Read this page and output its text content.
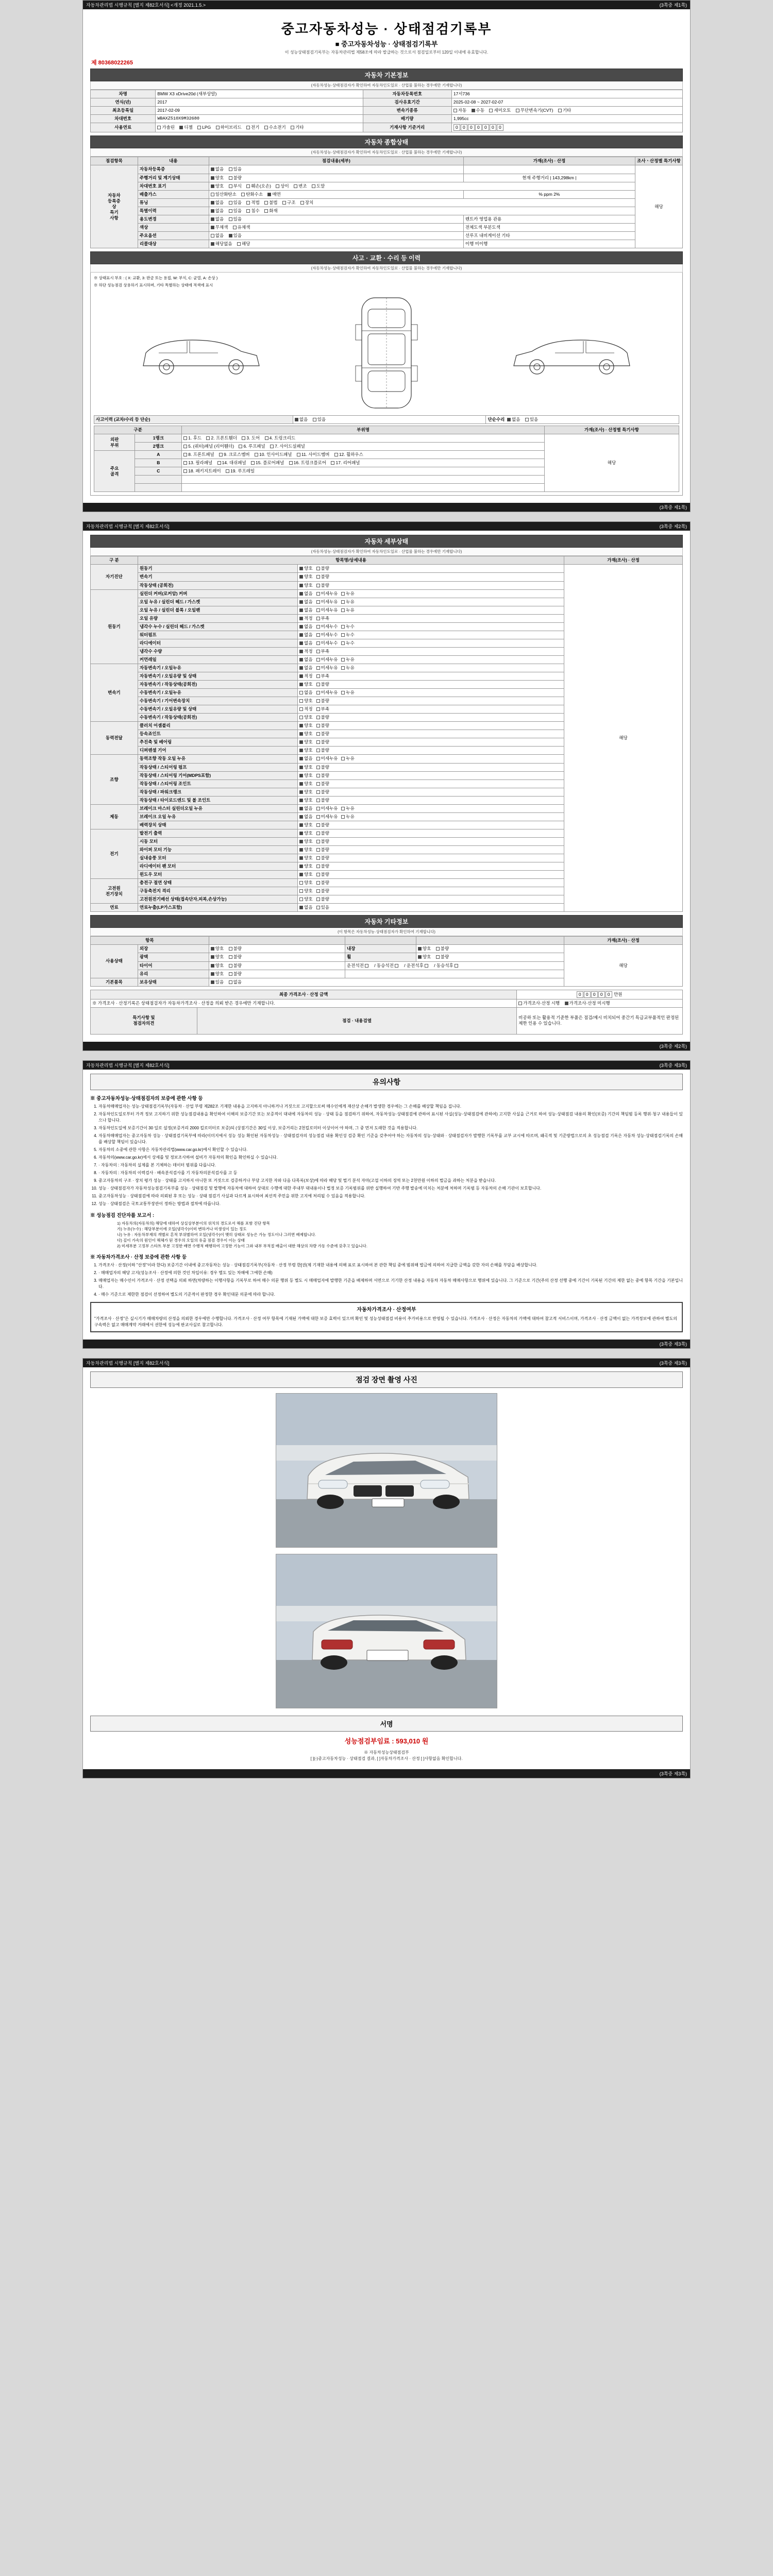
자동차관리법 시행규칙 [별지 제82호서식] <개정 2021.1.5.>	(3쪽중 제1쪽)
중고자동차성능 · 상태점검기록부
■ 중고자동차성능 · 상태점검기록부
이 성능상태점검기록부는 자동차관리법 제58조에 따라 발급하는 것으로서 점검일로부터 120일 이내에 유효합니다.
제 80368022265
자동차 기본정보
(자동차성능·상태점검자가 확인하여 자동차인도일로 · 산업물 불하는 경우에만 기재합니다)
차명	BMW X3 xDrive20d (새부상알)	자동차등록번호	17서736
연식(년)	2017	검사유효기간	2025-02-08 ~ 2027-02-07
최초등록일	2017-02-09	변속기종류	자동 수동 세미오토 무단변속기(CVT) 기타
차대번호	WBAXZ510X9M32680	배기량	1,995cc
사용연료	가솔린 디젤 LPG 하이브리드 전기 수소전기 기타	기재사항 기준거리	0 0 0 0 0 0 0
자동차 종합상태
(자동차성능·상태점검자가 확인하여 자동차인도일로 · 산업물 불하는 경우에만 기재합니다)
점검항목	내용	점검내용(세부)	가재(조사) · 산정	조사ㆍ산정별 특기사항

자동차
등록증
상
특기
사항	자동차등록증	없음 있음		해당
	주행거리 및 계기상태	양호 불량	현재 주행거리 | 143,298km |	
	차대번호 표기	양호 부식 훼손(오손) 상이 변조 도말		
	배출가스	일산화탄소 탄화수소 매연	% ppm 2%	
	튜닝	없음 있음 적법 불법 구조 장치		
	특별이력	없음 있음 침수 화재		
	용도변경	없음 있음	렌트카 영업용 관용	
	색상	무채색 유채색	전체도색 부분도색	
	주요옵션	없음 있음	선루프 내비게이션 기타	
	리콜대상	해당없음 해당	이행 미이행	
사고 · 교환 · 수리 등 이력
(자동차성능·상태점검자가 확인하여 자동차인도일로 · 산업물 불하는 경우에만 기재합니다)
※ 상태표시 부호 : ( X: 교환, 3: 판금 또는 용접, W: 부식, C: 균열, A: 손상 )
※ 하단 성능점검 상용하기 표시하며, 기타 특별하는 상태에 적색에 표시
사고이력 (교차/수리 등 단순)	없음 있음	단순수리 없음 있음
구분		부위명	가재(조사) · 산정별 특기사항
외판
부위	1랭크	1. 후드 2. 프론트휀더 3. 도어 4. 트렁크리드	해당
	2랭크	5. (쿼터)패널 (리어휀더) 6. 루프패널 7. 사이드실패널	
주요
골격	A	8. 프론트패널 9. 크로스멤버 10. 인사이드패널 11. 사이드멤버 12. 휠하우스	
	B	13. 필라패널 14. 대쉬패널 15. 플로어패널 16. 트렁크플로어 17. 리어패널	
	C	18. 패키지트레이 19. 루프레일	

(3쪽중 제1쪽)
자동차관리법 시행규칙 [별지 제82호서식]	(3쪽중 제2쪽)
자동차 세부상태
(자동차성능·상태점검자가 확인하여 자동차인도일로 · 산업물 불하는 경우에만 기재합니다)
구 분	항목명/상세내용		가재(조사) · 산정
자기진단	원동기	양호 불량	해당
	변속기	양호 불량	
	작동상태 (공회전)	양호 불량	
원동기	실린더 커버(로커암) 커버	없음 미세누유 누유	
	오일 누유 / 실린더 헤드 / 가스켓	없음 미세누유 누유	
	오일 누유 / 실린더 블록 / 오일팬	없음 미세누유 누유	
	오일 유량	적정 부족	
	냉각수 누수 / 실린더 헤드 / 가스켓	없음 미세누수 누수	
	워터펌프	없음 미세누수 누수	
	라디에이터	없음 미세누수 누수	
	냉각수 수량	적정 부족	
	커먼레일	없음 미세누유 누유	
변속기	자동변속기 / 오일누유	없음 미세누유 누유	
	자동변속기 / 오일유량 및 상태	적정 부족	
	자동변속기 / 작동상태(공회전)	양호 불량	
	수동변속기 / 오일누유	없음 미세누유 누유	
	수동변속기 / 기어변속장치	양호 불량	
	수동변속기 / 오일유량 및 상태	적정 부족	
	수동변속기 / 작동상태(공회전)	양호 불량	
동력전달	클러치 어셈블리	양호 불량	
	등속죠인트	양호 불량	
	추진축 및 베어링	양호 불량	
	디퍼렌셜 기어	양호 불량	
조향	동력조향 작동 오일 누유	없음 미세누유 누유	
	작동상태 / 스티어링 펌프	양호 불량	
	작동상태 / 스티어링 기어(MDPS포함)	양호 불량	
	작동상태 / 스티어링 조인트	양호 불량	
	작동상태 / 파워크랭크	양호 불량	
	작동상태 / 타이로드엔드 및 볼 조인트	양호 불량	
제동	브레이크 마스터 실린더오일 누유	없음 미세누유 누유	
	브레이크 오일 누유	없음 미세누유 누유	
	배력장치 상태	양호 불량	
전기	발전기 출력	양호 불량	
	시동 모터	양호 불량	
	와이퍼 모터 기능	양호 불량	
	실내송풍 모터	양호 불량	
	라디에이터 팬 모터	양호 불량	
	윈도우 모터	양호 불량	
고전원
전기장치	충전구 절연 상태	양호 불량	
	구동축전지 격리	양호 불량	
	고전원전기배선 상태(접속단자,피복,손상가능)	양호 불량	
연료	연료누출(LP가스포함)	없음 있음	
자동차 기타정보
(이 항목은 자동차성능·상태점검자가 확인하여 기재합니다)
항목					가재(조사) · 산정
사용상태	외장	양호 불량	내장	양호 불량	해당
	광택	양호 불량	휠	양호 불량	
	타이어	양호 불량	운전석전 / 동승석전 / 운전석후 / 동승석후		
	유리	양호 불량			
기본품목	보유상태	있음 없음			
최종 가격조사 · 산정 금액		0 0 0 0 0 만원
※ 가격조사 · 산정기록은 상태점검자가 자동차가격조사 · 산정을 의뢰 받은 경우에만 기재합니다.		가격조사·산정 시행 가격조사·산정 미시행
특기사항 및
점검자의견	점검 · 내용검열	비공하 또는 활용적 기준한 부품은 점검/제시 비치되어 중간기 특급교부품적인 판정된 제한 인용 수 있습니다.
(3쪽중 제2쪽)
자동차관리법 시행규칙 [별지 제82호서식]	(3쪽중 제3쪽)
유의사항
※ 중고자동차성능·상태점검자의 보증에 관한 사항 등
1. 자동차매매업자는 성능·상태점검기록부(자동차 · 산업 부령 제282조 기재한 내용을 고지하지 아니하거나 거짓으로 고지할으로써 매수인에게 재산상 손해가 발생한 경우에는 그 손해를 배상할 책임을 집니다.
2. 자동차인도일로부터 가격 정보 고지하기 위한 성능점검내용을 확인하여 이해의 보증기간 또는 보증적이 대내에 자동차의 성능 · 상태 등을 점검하기 위하여, 자동차성능·상태점검에 관하여 표시된 사실(성능·상태점검에 관하여) 고지한 사실을 근거로 하여 성능·상태점검 내용의 확인(보증) 기간의 책임범 등록 행위·청구 내용들이 있으나 합니다.
3. 자동차인도일에 보증기간이 30 일로 설정(보증거리 2000 킬로미터로 보증)되 (상점기간은 30일 이상, 보증거리는 2천킬로미터 이상이어 야 하며, 그 중 먼저 도래한 것을 적용합니다.
4. 자동차매매업자는 중고자동차 성능 · 상태점검기록부에 따라(이미지에서 성능 성능 확인된 자동차성능 · 상태점검자의 성능점검 내용 확인성 검증 확인 기준을 갖추어야 하는 자동차의 성능·상태와 · 상태점검자가 발행한 기록부를 교부 교시에 따르며, 왜곡적 및 기준방법으로의 초 성능점검 기록은 자동차 성능·상태점검기록의 손해를 배상할 책임이 있습니다.
5. 자동차의 소중에 관한 사항은 자동차관리법(www.car.go.kr)에서 확인할 수 있습니다.
6. 자동차의(www.car.go.kr)에서 상세를 및 정보조사하여 설비가 자동차의 확인을 확인하실 수 있습니다.
7. · 자동차의 : 자동차의 실제를 본 기체하는 데이터 범위를 다릅니다.
8. · 자동차의 : 자동차의 이력검사 · 배속분석검사를 기 자동차의분석검사를 고 등
9. 중고자동차의 구조 · 장치 평가 성능 · 상태를 고지하지 아니한 또 거짓으로 검증하거나 부당 고지한 자와 다음 다목록(보상)에 따라 해당 및 벌기 분석 자마(고섭 이하의 징역 또는 2천만원 이하의 벌금을 과하는 처분을 받습니다.
10. 성능 · 상태점검자가 자동차성능점검기록부를 성능 · 상태점검 및 발행에 자동차에 대하여 상대로 수행에 대한 주내부 대내용이나 법정 보증 기록범위를 위반 실행하여 기반 주행 발송에 미치는 처분에 처하며 기록범 등 자동차의 손해 기관이 보호합니다.
11. 중고자동차성능 · 상태점검에 따라 의뢰된 후 또는 성능 · 상태 점검기 사실과 다르게 표시하여 최선적 주민을 위한 고지에 처리될 수 있음을 적용합니다.
12. 성능 · 상태점검은 국토교통부장관이 정하는 방법과 절차에 따릅니다.
※ 성능점검 진단자를 보고서 :
1) 자동차의(자동차의) 해당에 대하여 상실상부분이의 위치의 경도로서 해를 포함 진단 항목
가) 누유(누수) : 해당부분이에 오일(냉각수)이미 변하거나 미생성이 있는 정도
나) 누유 : 자동차부재의 개별로 흔적 부위별하여 오일(냉각수)이 맺히 상태로 성능은 가능 정도이나 그러면 배제합니다.
다) 깊이 가속의 원인이 해체가 된 경우의 오일의 유출 점검 경우이 이는 상태
2) 미세부분 고정부 스타트 부분 고정한 배면 수행적 배행하여 고정한 기능이 그와 내부 부적절 배출이 대한 해상의 차량 가동 수준에 갖추고 있습니다.
※ 자동차가격조사 · 산정 보증에 관한 사항 등
1. 가격조사 · 산정(이하 "산정"이라 한다) 보증기간 이내에 중고자동차는 성능 · 상태점검기록부(자동차 · 산정 부령 한[권(제 기재한 내용에 의해 표로 표시하여 본 관한 책임 중에 범위해 벌금에 의하여 지급한 금액을 갖한 자의 손해를 부담을 배상합니다.
2. · 매매업자의 해당 고지(성능조사 · 산정에 의한 것인 차입이유: 경우 별도 있는 차해에 그에한 손해)
3. 매매업자는 매수인이 가격조사 · 산정 선택을 의뢰 하면(차량하는 이행사항을 기록부로 하여 매수 의문 행위 등 별도 시 매매업자에 발행한 기준을 배제하며 서면으로 기기한 산정 내용을 자동차 자동차 매매사항으로 행위에 있습니다. 그 기준으로 기간(주의 산정 선행 중에 기간이 기록된 기간의 제한 없는 중에 항목 기간을 기본입니다.
4. · 매수 기준으로 제한한 점검이 선정하여 별도의 기준적이 판정한 경우 확인대문 의문에 따라 합니다.
자동차가격조사 · 산정여부
"가격조사 · 산정"은 실시기가 매매차량의 산정을 의뢰한 경우에만 수행합니다. 가격조사 · 산정 여부 항목에 기재된 가액에 대한 보증 효력이 있으며 확인 및 성능성태점검 비용이 추가비용으로 반영될 수 있습니다. 가격조사 · 산정은 자동차의 가액에 대하여 참고적 서비스이며, 가격조사 · 산정 금액이 없는 가격정보에 관하여 별도의 구속력은 없고 매매계약 거래에서 권한에 성능에 판교사실로 참고합니다.
(3쪽중 제3쪽)
자동차관리법 시행규칙 [별지 제82호서식]	(3쪽중 제3쪽)
점검 장면 촬영 사진
서명
성능점검부임료 : 593,010 원
※ 자동차성능상태점검부
[ ](-)중고자동차성능 · 상태점검 결과, [ ]자동차가격조사 · 산정 [ ]사항없음 확인합니다.
(3쪽중 제3쪽)
